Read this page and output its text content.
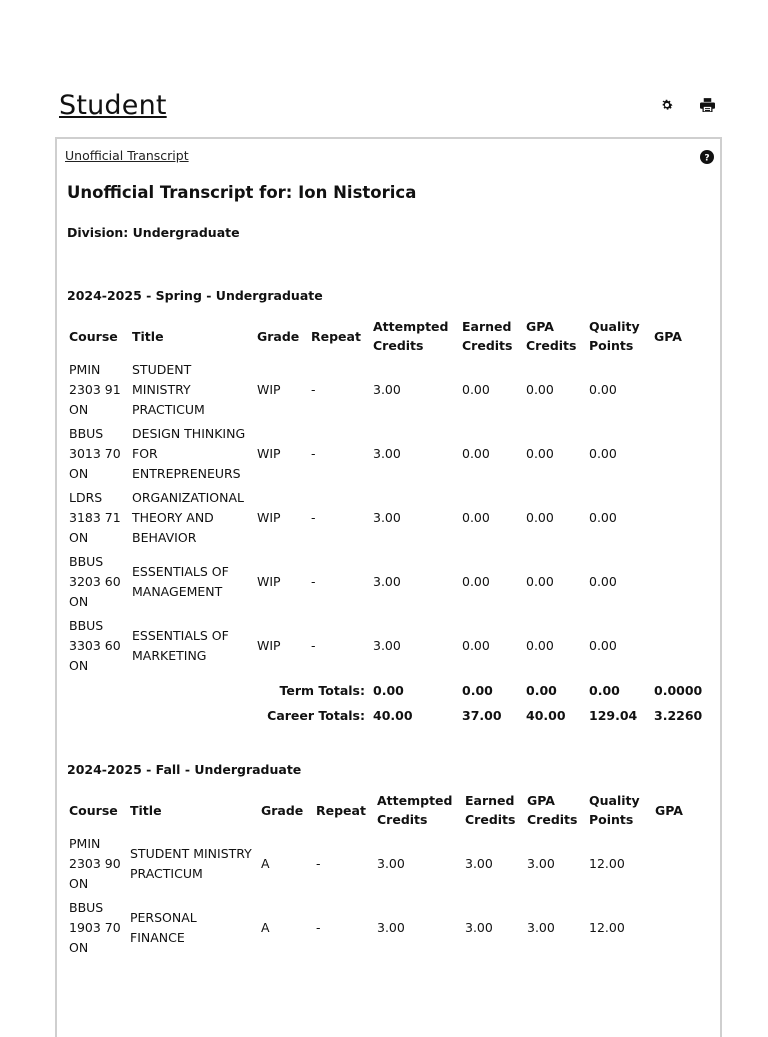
Student
Unofficial Transcript	?
Unofficial Transcript for: Ion Nistorica
Division: Undergraduate
2024-2025 - Spring - Undergraduate
Course	Title	Grade	Repeat	Attempted Credits	Earned Credits	GPA Credits	Quality Points	GPA
PMIN 2303 91 ON	STUDENT MINISTRY PRACTICUM	WIP	-	3.00	0.00	0.00	0.00	
BBUS 3013 70 ON	DESIGN THINKING FOR ENTREPRENEURS	WIP	-	3.00	0.00	0.00	0.00	
LDRS 3183 71 ON	ORGANIZATIONAL THEORY AND BEHAVIOR	WIP	-	3.00	0.00	0.00	0.00	
BBUS 3203 60 ON	ESSENTIALS OF MANAGEMENT	WIP	-	3.00	0.00	0.00	0.00	
BBUS 3303 60 ON	ESSENTIALS OF MARKETING	WIP	-	3.00	0.00	0.00	0.00	
Term Totals:				0.00	0.00	0.00	0.00	0.0000
Career Totals:				40.00	37.00	40.00	129.04	3.2260
2024-2025 - Fall - Undergraduate
Course	Title	Grade	Repeat	Attempted Credits	Earned Credits	GPA Credits	Quality Points	GPA
PMIN 2303 90 ON	STUDENT MINISTRY PRACTICUM	A	-	3.00	3.00	3.00	12.00	
BBUS 1903 70 ON	PERSONAL FINANCE	A	-	3.00	3.00	3.00	12.00	
